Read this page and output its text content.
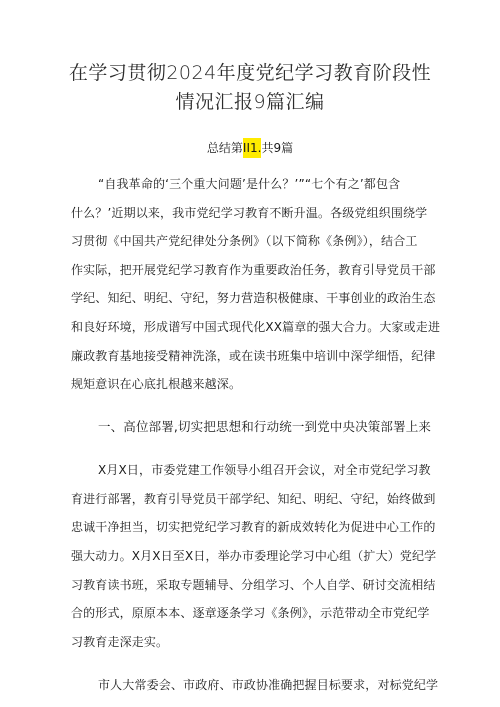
在学习贯彻2024年度党纪学习教育阶段性
情况汇报9篇汇编
总结第II1.共9篇
“自我革命的‘三个重大问题’是什么？’”“七个有之’都包含
什么？’近期以来，我市党纪学习教育不断升温。各级党组织围绕学
习贯彻《中国共产党纪律处分条例》（以下简称《条例》），结合工
作实际，把开展党纪学习教育作为重要政治任务，教育引导党员干部
学纪、知纪、明纪、守纪，努力营造积极健康、干事创业的政治生态
和良好环境，形成谱写中国式现代化XX篇章的强大合力。大家或走进
廉政教育基地接受精神洗涤，或在读书班集中培训中深学细悟，纪律
规矩意识在心底扎根越来越深。
一、高位部署,切实把思想和行动统一到党中央决策部署上来
X月X日，市委党建工作领导小组召开会议，对全市党纪学习教
育进行部署，教育引导党员干部学纪、知纪、明纪、守纪，始终做到
忠诚干净担当，切实把党纪学习教育的新成效转化为促进中心工作的
强大动力。X月X日至X日，举办市委理论学习中心组（扩大）党纪学
习教育读书班，采取专题辅导、分组学习、个人自学、研讨交流相结
合的形式，原原本本、逐章逐条学习《条例》，示范带动全市党纪学
习教育走深走实。
市人大常委会、市政府、市政协准确把握目标要求，对标党纪学
